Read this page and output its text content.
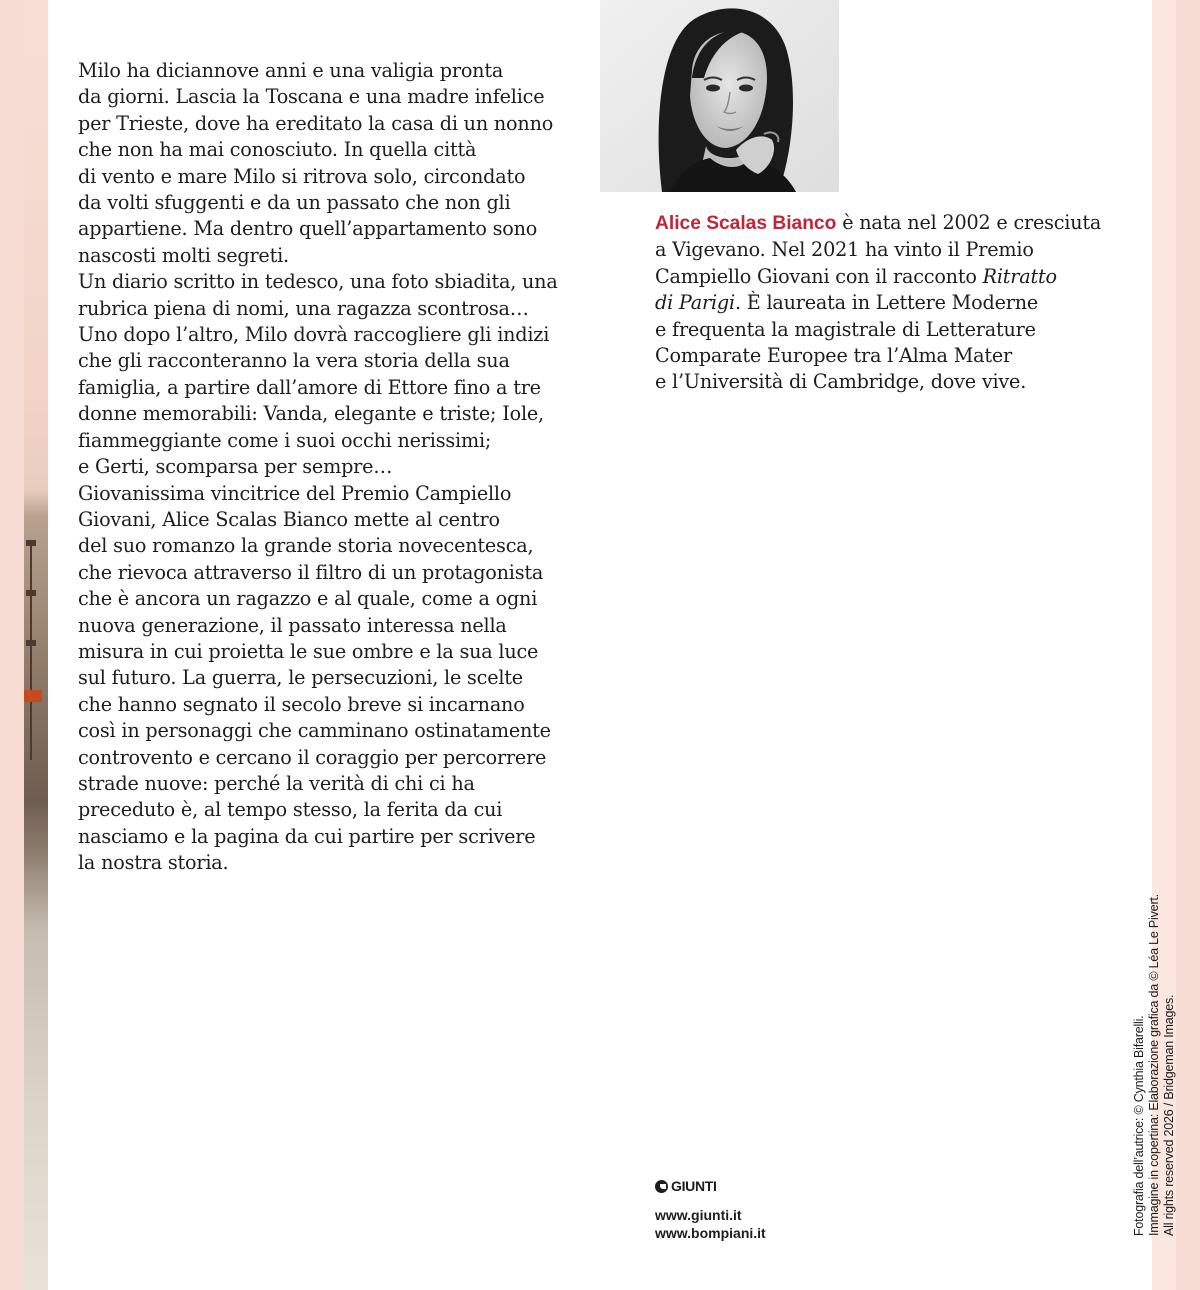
Milo ha diciannove anni e una valigia pronta
da giorni. Lascia la Toscana e una madre infelice
per Trieste, dove ha ereditato la casa di un nonno
che non ha mai conosciuto. In quella città
di vento e mare Milo si ritrova solo, circondato
da volti sfuggenti e da un passato che non gli
appartiene. Ma dentro quell’appartamento sono
nascosti molti segreti.
Un diario scritto in tedesco, una foto sbiadita, una
rubrica piena di nomi, una ragazza scontrosa…
Uno dopo l’altro, Milo dovrà raccogliere gli indizi
che gli racconteranno la vera storia della sua
famiglia, a partire dall’amore di Ettore fino a tre
donne memorabili: Vanda, elegante e triste; Iole,
fiammeggiante come i suoi occhi nerissimi;
e Gerti, scomparsa per sempre…
Giovanissima vincitrice del Premio Campiello
Giovani, Alice Scalas Bianco mette al centro
del suo romanzo la grande storia novecentesca,
che rievoca attraverso il filtro di un protagonista
che è ancora un ragazzo e al quale, come a ogni
nuova generazione, il passato interessa nella
misura in cui proietta le sue ombre e la sua luce
sul futuro. La guerra, le persecuzioni, le scelte
che hanno segnato il secolo breve si incarnano
così in personaggi che camminano ostinatamente
controvento e cercano il coraggio per percorrere
strade nuove: perché la verità di chi ci ha
preceduto è, al tempo stesso, la ferita da cui
nasciamo e la pagina da cui partire per scrivere
la nostra storia.
Alice Scalas Bianco è nata nel 2002 e cresciuta
a Vigevano. Nel 2021 ha vinto il Premio
Campiello Giovani con il racconto Ritratto
di Parigi. È laureata in Lettere Moderne
e frequenta la magistrale di Letterature
Comparate Europee tra l’Alma Mater
e l’Università di Cambridge, dove vive.
GIUNTI
www.giunti.it
www.bompiani.it	Fotografia dell’autrice: © Cynthia Bifarelli. Immagine in copertina: Elaborazione grafica da © Léa Le Pivert. All rights reserved 2026 / Bridgeman Images.
